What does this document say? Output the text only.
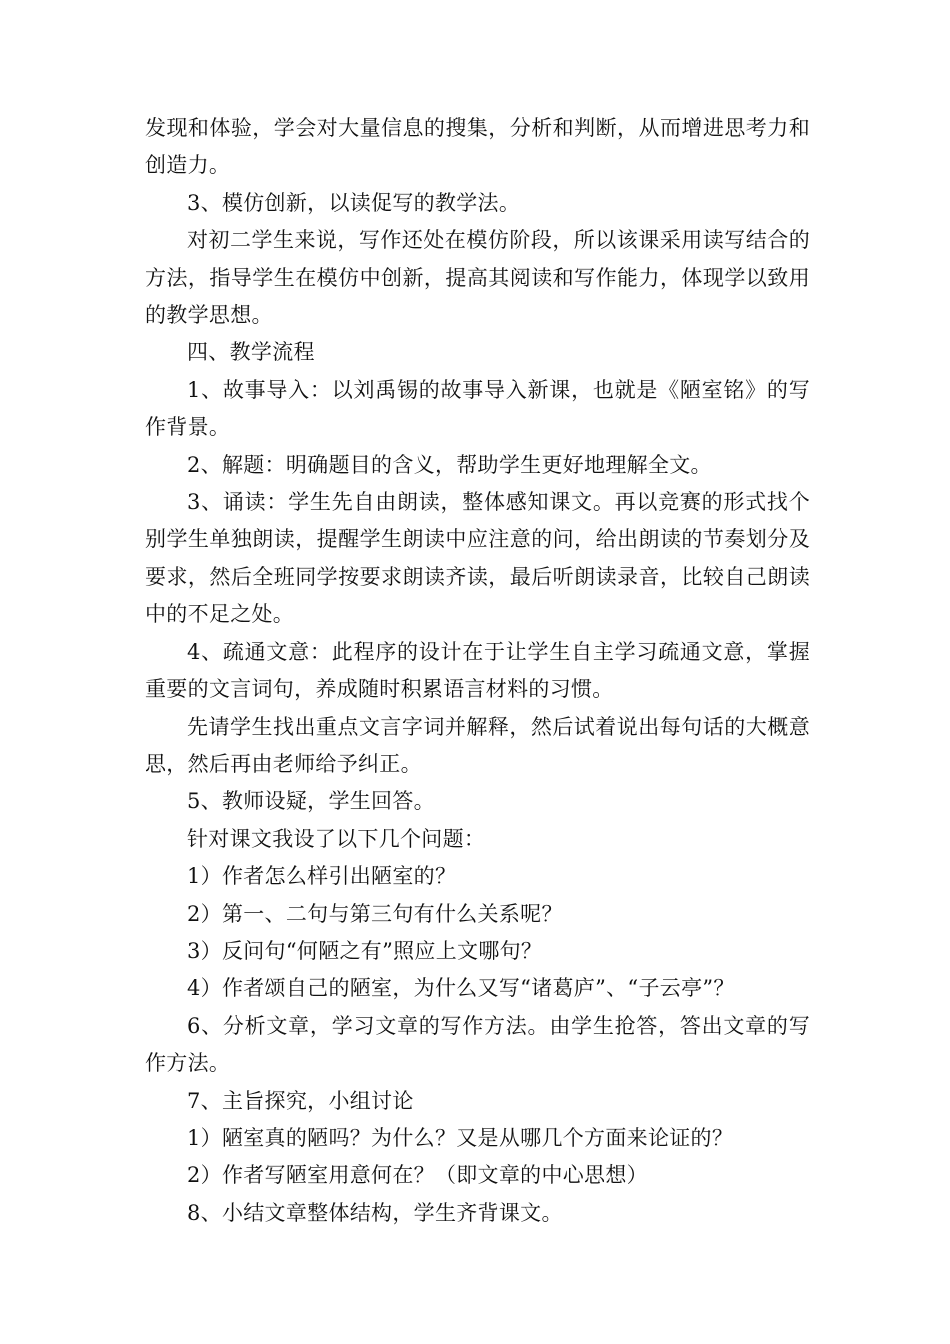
发现和体验，学会对大量信息的搜集，分析和判断，从而增进思考力和创造力。

3、模仿创新，以读促写的教学法。

对初二学生来说，写作还处在模仿阶段，所以该课采用读写结合的方法，指导学生在模仿中创新，提高其阅读和写作能力，体现学以致用的教学思想。

四、教学流程

1、故事导入：以刘禹锡的故事导入新课，也就是《陋室铭》的写作背景。

2、解题：明确题目的含义，帮助学生更好地理解全文。

3、诵读：学生先自由朗读，整体感知课文。再以竞赛的形式找个别学生单独朗读，提醒学生朗读中应注意的问，给出朗读的节奏划分及要求，然后全班同学按要求朗读齐读，最后听朗读录音，比较自己朗读中的不足之处。

4、疏通文意：此程序的设计在于让学生自主学习疏通文意，掌握重要的文言词句，养成随时积累语言材料的习惯。

先请学生找出重点文言字词并解释，然后试着说出每句话的大概意思，然后再由老师给予纠正。

5、教师设疑，学生回答。

针对课文我设了以下几个问题：

1）作者怎么样引出陋室的？

2）第一、二句与第三句有什么关系呢？

3）反问句“何陋之有”照应上文哪句？

4）作者颂自己的陋室，为什么又写“诸葛庐”、“子云亭”？

6、分析文章，学习文章的写作方法。由学生抢答，答出文章的写作方法。

7、主旨探究，小组讨论

1）陋室真的陋吗？为什么？又是从哪几个方面来论证的？

2）作者写陋室用意何在？（即文章的中心思想）

8、小结文章整体结构，学生齐背课文。
